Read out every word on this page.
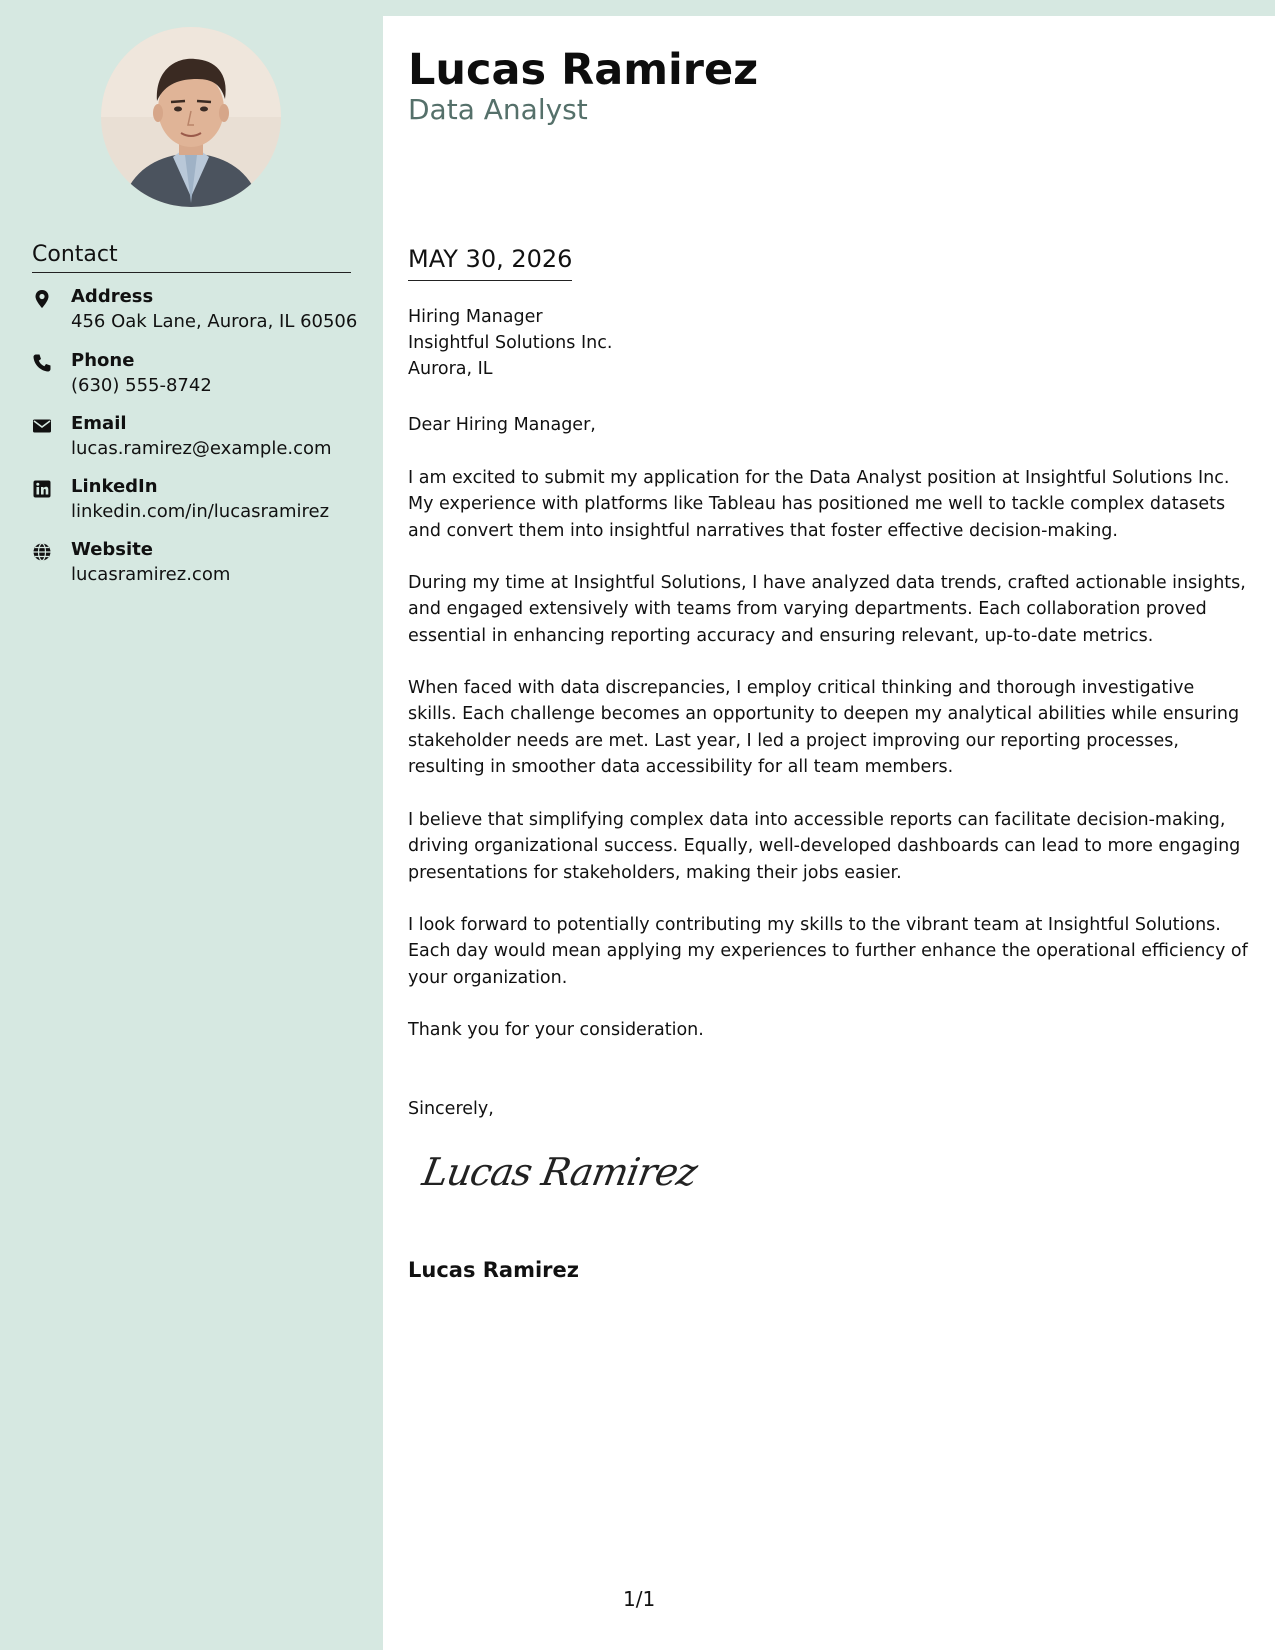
Contact
Address
456 Oak Lane, Aurora, IL 60506
Phone
(630) 555-8742
Email
lucas.ramirez@example.com
LinkedIn
linkedin.com/in/lucasramirez
Website
lucasramirez.com
Lucas Ramirez
Data Analyst
MAY 30, 2026
Hiring Manager
Insightful Solutions Inc.
Aurora, IL
Dear Hiring Manager,
I am excited to submit my application for the Data Analyst position at Insightful Solutions Inc. My experience with platforms like Tableau has positioned me well to tackle complex datasets and convert them into insightful narratives that foster effective decision-making.
During my time at Insightful Solutions, I have analyzed data trends, crafted actionable insights, and engaged extensively with teams from varying departments. Each collaboration proved essential in enhancing reporting accuracy and ensuring relevant, up-to-date metrics.
When faced with data discrepancies, I employ critical thinking and thorough investigative skills. Each challenge becomes an opportunity to deepen my analytical abilities while ensuring stakeholder needs are met. Last year, I led a project improving our reporting processes, resulting in smoother data accessibility for all team members.
I believe that simplifying complex data into accessible reports can facilitate decision-making, driving organizational success. Equally, well-developed dashboards can lead to more engaging presentations for stakeholders, making their jobs easier.
I look forward to potentially contributing my skills to the vibrant team at Insightful Solutions. Each day would mean applying my experiences to further enhance the operational efficiency of your organization.
Thank you for your consideration.
Sincerely,
Lucas Ramirez
Lucas Ramirez
1/1
